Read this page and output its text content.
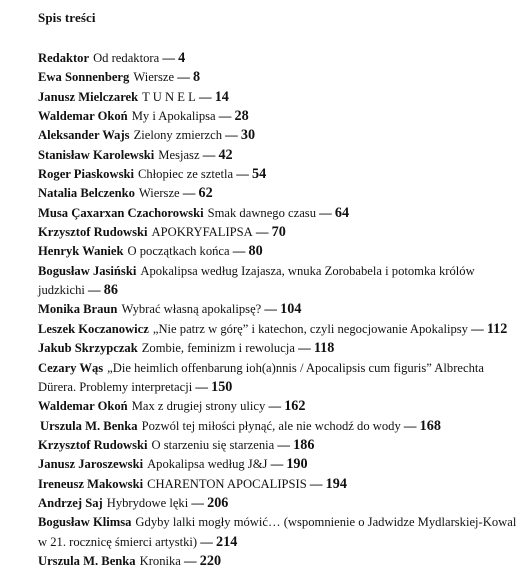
Spis treści
Redaktor Od redaktora — 4
Ewa Sonnenberg Wiersze — 8
Janusz Mielczarek T U N E L — 14
Waldemar Okoń My i Apokalipsa — 28
Aleksander Wajs Zielony zmierzch — 30
Stanisław Karolewski Mesjasz — 42
Roger Piaskowski Chłopiec ze sztetla — 54
Natalia Belczenko Wiersze — 62
Musa Çaxarxan Czachorowski Smak dawnego czasu — 64
Krzysztof Rudowski APOKRYFALIPSA — 70
Henryk Waniek O początkach końca — 80
Bogusław Jasiński Apokalipsa według Izajasza, wnuka Zorobabela i potomka królów judzkichi — 86
Monika Braun Wybrać własną apokalipsę? — 104
Leszek Koczanowicz „Nie patrz w górę” i katechon, czyli negocjowanie Apokalipsy — 112
Jakub Skrzypczak Zombie, feminizm i rewolucja — 118
Cezary Wąs „Die heimlich offenbarung ioh(a)nnis / Apocalipsis cum figuris” Albrechta Dürera. Problemy interpretacji — 150
Waldemar Okoń Max z drugiej strony ulicy — 162
Urszula M. Benka Pozwól tej miłości płynąć, ale nie wchodź do wody — 168
Krzysztof Rudowski O starzeniu się starzenia — 186
Janusz Jaroszewski Apokalipsa według J&J — 190
Ireneusz Makowski CHARENTON APOCALIPSIS — 194
Andrzej Saj Hybrydowe lęki — 206
Bogusław Klimsa Gdyby lalki mogły mówić… (wspomnienie o Jadwidze Mydlarskiej-Kowal w 21. rocznicę śmierci artystki) — 214
Urszula M. Benka Kronika — 220
